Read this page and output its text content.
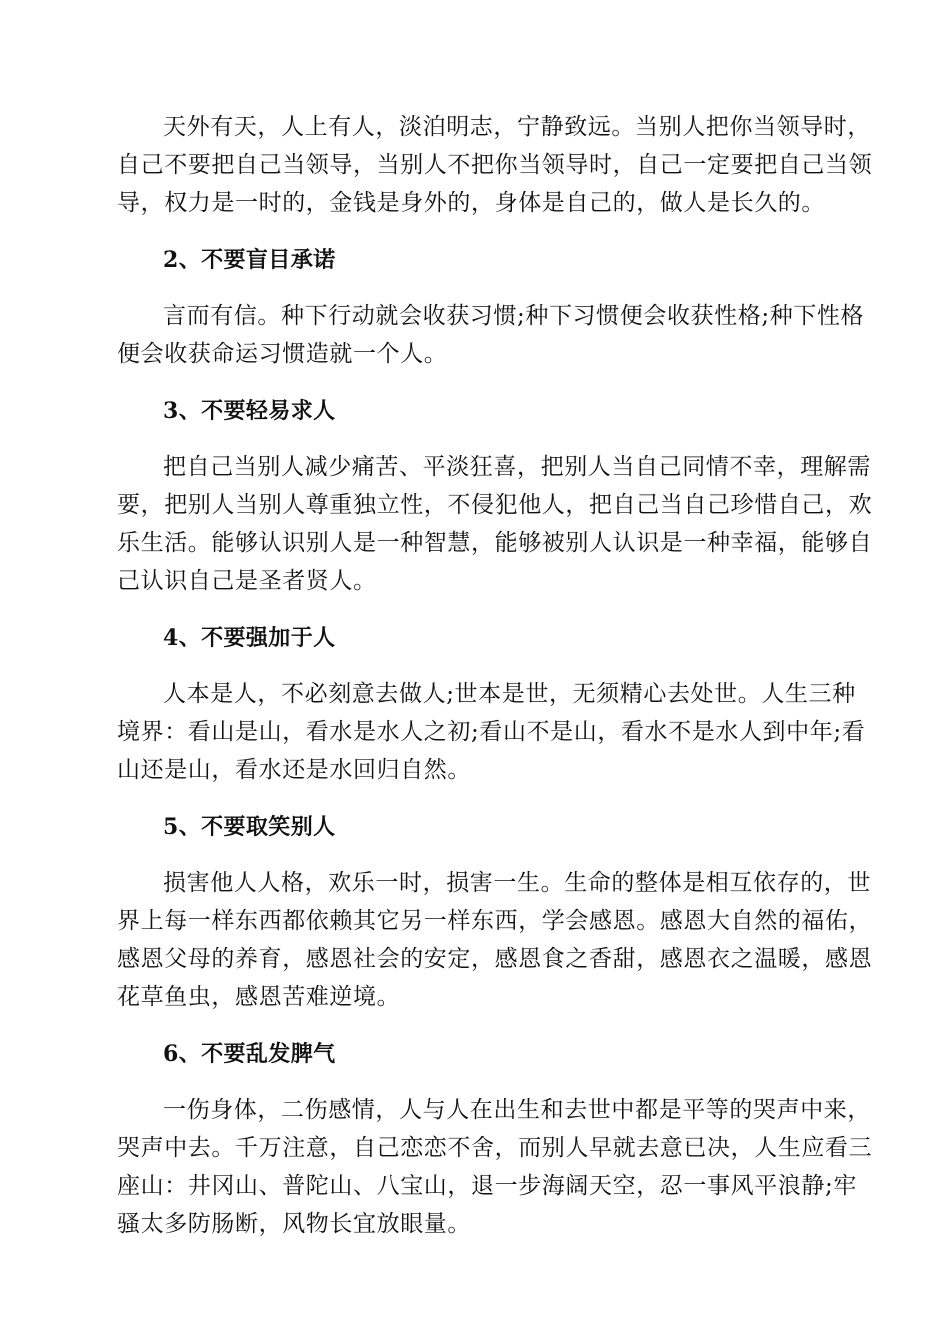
天外有天，人上有人，淡泊明志，宁静致远。当别人把你当领导时，
自己不要把自己当领导，当别人不把你当领导时，自己一定要把自己当领
导，权力是一时的，金钱是身外的，身体是自己的，做人是长久的。

2、不要盲目承诺

言而有信。种下行动就会收获习惯;种下习惯便会收获性格;种下性格
便会收获命运习惯造就一个人。

3、不要轻易求人

把自己当别人减少痛苦、平淡狂喜，把别人当自己同情不幸，理解需
要，把别人当别人尊重独立性，不侵犯他人，把自己当自己珍惜自己，欢
乐生活。能够认识别人是一种智慧，能够被别人认识是一种幸福，能够自
己认识自己是圣者贤人。

4、不要强加于人

人本是人，不必刻意去做人;世本是世，无须精心去处世。人生三种
境界：看山是山，看水是水人之初;看山不是山，看水不是水人到中年;看
山还是山，看水还是水回归自然。

5、不要取笑别人

损害他人人格，欢乐一时，损害一生。生命的整体是相互依存的，世
界上每一样东西都依赖其它另一样东西，学会感恩。感恩大自然的福佑，
感恩父母的养育，感恩社会的安定，感恩食之香甜，感恩衣之温暖，感恩
花草鱼虫，感恩苦难逆境。

6、不要乱发脾气

一伤身体，二伤感情，人与人在出生和去世中都是平等的哭声中来，
哭声中去。千万注意，自己恋恋不舍，而别人早就去意已决，人生应看三
座山：井冈山、普陀山、八宝山，退一步海阔天空，忍一事风平浪静;牢
骚太多防肠断，风物长宜放眼量。
